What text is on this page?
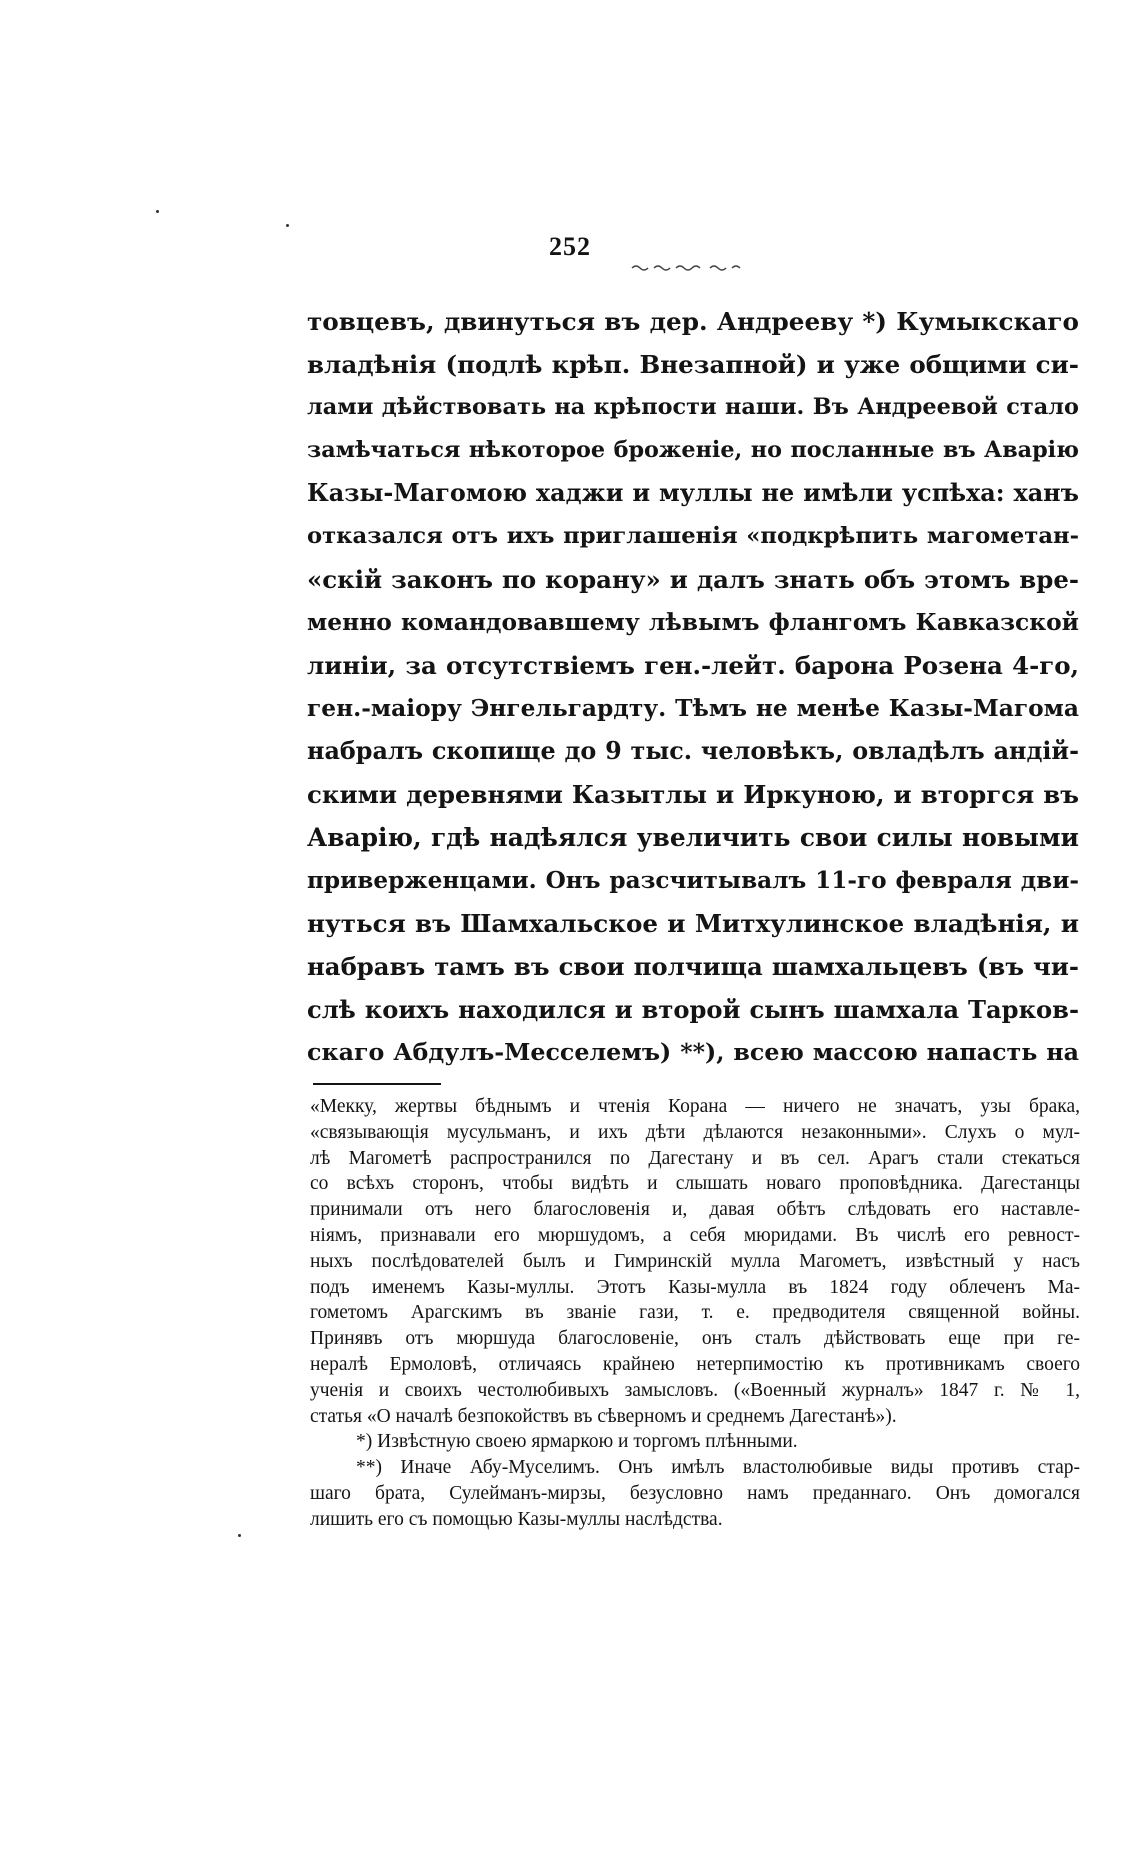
252
товцевъ, двинуться въ дер. Андрееву *) Кумыкскаго
владѣнія (подлѣ крѣп. Внезапной) и уже общими си-
лами дѣйствовать на крѣпости наши. Въ Андреевой стало
замѣчаться нѣкоторое броженіе, но посланные въ Аварію
Казы-Магомою хаджи и муллы не имѣли успѣха: ханъ
отказался отъ ихъ приглашенія «подкрѣпить магометан-
«скій законъ по корану» и далъ знать объ этомъ вре-
менно командовавшему лѣвымъ флангомъ Кавказской
линіи, за отсутствіемъ ген.-лейт. барона Розена 4-го,
ген.-маіору Энгельгардту. Тѣмъ не менѣе Казы-Магома
набралъ скопище до 9 тыс. человѣкъ, овладѣлъ андій-
скими деревнями Казытлы и Иркуною, и вторгся въ
Аварію, гдѣ надѣялся увеличить свои силы новыми
приверженцами. Онъ разсчитывалъ 11-го февраля дви-
нуться въ Шамхальское и Митхулинское владѣнія, и
набравъ тамъ въ свои полчища шамхальцевъ (въ чи-
слѣ коихъ находился и второй сынъ шамхала Тарков-
скаго Абдулъ-Месселемъ) **), всею массою напасть на
«Мекку, жертвы бѣднымъ и чтенія Корана — ничего не значатъ, узы брака,
«связывающія мусульманъ, и ихъ дѣти дѣлаются незаконными». Слухъ о мул-
лѣ Магометѣ распространился по Дагестану и въ сел. Арагъ стали стекаться
со всѣхъ сторонъ, чтобы видѣть и слышать новаго проповѣдника. Дагестанцы
принимали отъ него благословенія и, давая обѣтъ слѣдовать его наставле-
ніямъ, признавали его мюршудомъ, а себя мюридами. Въ числѣ его ревност-
ныхъ послѣдователей былъ и Гимринскій мулла Магометъ, извѣстный у насъ
подъ именемъ Казы-муллы. Этотъ Казы-мулла въ 1824 году облеченъ Ма-
гометомъ Арагскимъ въ званіе гази, т. е. предводителя священной войны.
Принявъ отъ мюршуда благословеніе, онъ сталъ дѣйствовать еще при ге-
нералѣ Ермоловѣ, отличаясь крайнею нетерпимостію къ противникамъ своего
ученія и своихъ честолюбивыхъ замысловъ. («Военный журналъ» 1847 г. № 1,
статья «О началѣ безпокойствъ въ сѣверномъ и среднемъ Дагестанѣ»).
*) Извѣстную своею ярмаркою и торгомъ плѣнными.
**) Иначе Абу-Муселимъ. Онъ имѣлъ властолюбивые виды противъ стар-
шаго брата, Сулейманъ-мирзы, безусловно намъ преданнаго. Онъ домогался
лишить его съ помощью Казы-муллы наслѣдства.
